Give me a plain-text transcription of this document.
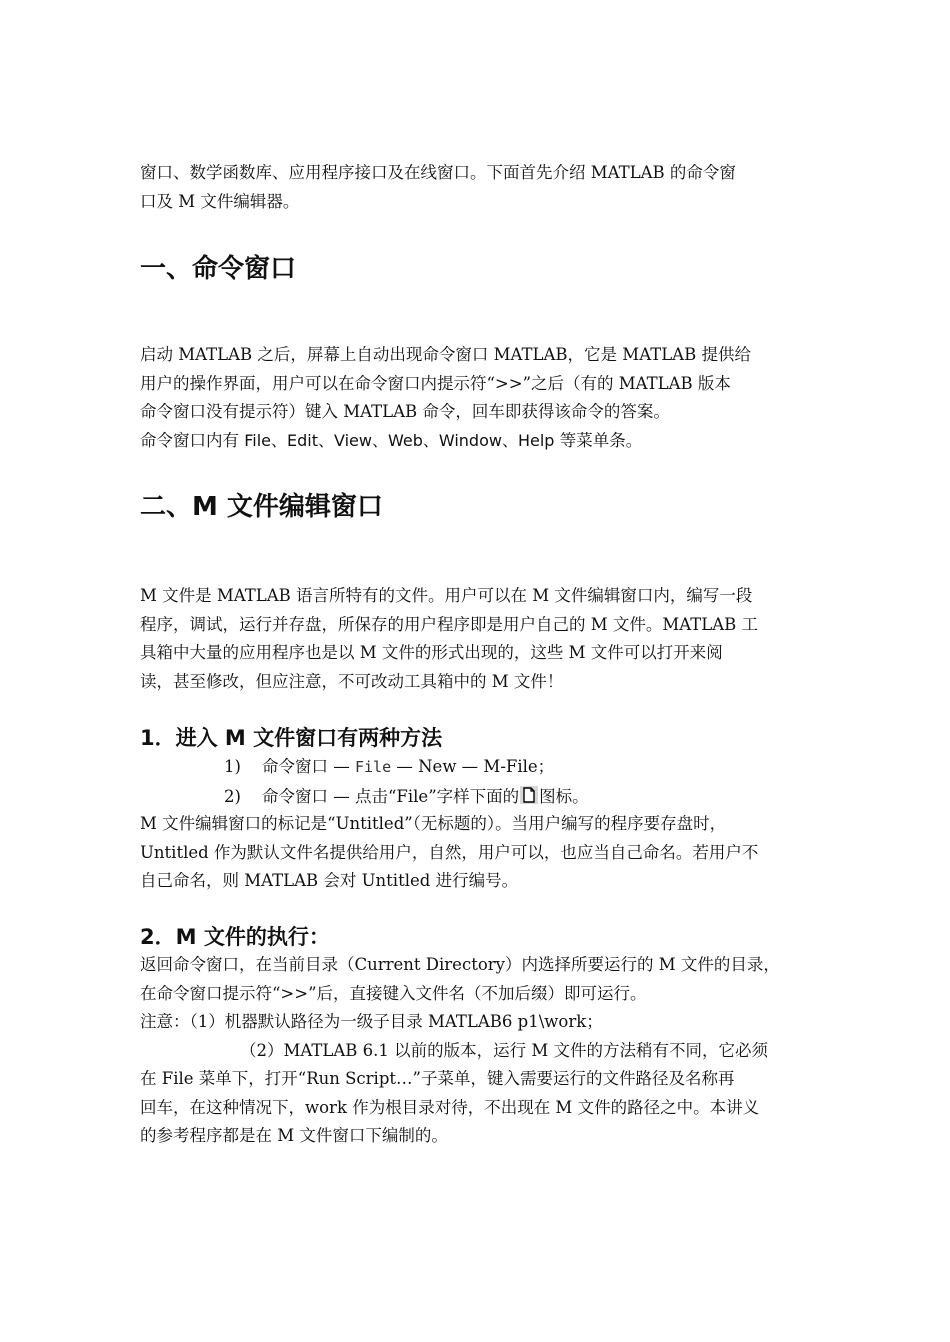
窗口、数学函数库、应用程序接口及在线窗口。下面首先介绍 MATLAB 的命令窗
口及 M 文件编辑器。

一、命令窗口

启动 MATLAB 之后，屏幕上自动出现命令窗口 MATLAB，它是 MATLAB 提供给
用户的操作界面，用户可以在命令窗口内提示符“>>”之后（有的 MATLAB 版本
命令窗口没有提示符）键入 MATLAB 命令，回车即获得该命令的答案。
命令窗口内有 File、Edit、View、Web、Window、Help 等菜单条。

二、M 文件编辑窗口

M 文件是 MATLAB 语言所特有的文件。用户可以在 M 文件编辑窗口内，编写一段
程序，调试，运行并存盘，所保存的用户程序即是用户自己的 M 文件。MATLAB 工
具箱中大量的应用程序也是以 M 文件的形式出现的，这些 M 文件可以打开来阅
读，甚至修改，但应注意，不可改动工具箱中的 M 文件！

1．进入 M 文件窗口有两种方法

1) 命令窗口 — File — New — M-File；

2) 命令窗口 — 点击“File”字样下面的 图标。

M 文件编辑窗口的标记是“Untitled”（无标题的）。当用户编写的程序要存盘时，
Untitled 作为默认文件名提供给用户，自然，用户可以，也应当自己命名。若用户不
自己命名，则 MATLAB 会对 Untitled 进行编号。

2．M 文件的执行：

返回命令窗口，在当前目录（Current Directory）内选择所要运行的 M 文件的目录，
在命令窗口提示符“>>”后，直接键入文件名（不加后缀）即可运行。
注意：（1）机器默认路径为一级子目录 MATLAB6 p1\work；
（2）MATLAB 6.1 以前的版本，运行 M 文件的方法稍有不同，它必须
在 File 菜单下，打开“Run Script…”子菜单，键入需要运行的文件路径及名称再
回车，在这种情况下，work 作为根目录对待，不出现在 M 文件的路径之中。本讲义
的参考程序都是在 M 文件窗口下编制的。
